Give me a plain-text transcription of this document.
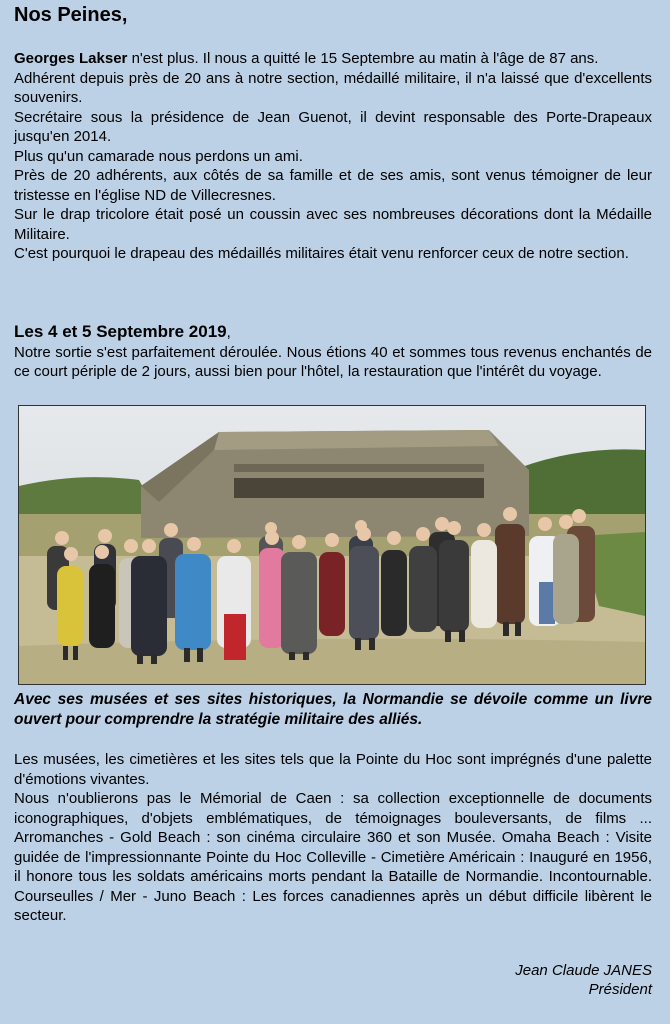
Nos Peines,

Georges Lakser n'est plus. Il nous a quitté le 15 Septembre au matin à l'âge de 87 ans.

Adhérent depuis près de 20 ans à notre section, médaillé militaire, il n'a laissé que d'excellents souvenirs.

Secrétaire sous la présidence de Jean Guenot, il devint responsable des Porte-Drapeaux jusqu'en 2014.

Plus qu'un camarade nous perdons un ami.

Près de 20 adhérents, aux côtés de sa famille et de ses amis, sont venus témoigner de leur tristesse en l'église ND de Villecresnes.

Sur le drap tricolore était posé un coussin avec ses nombreuses décorations dont la Médaille Militaire.

C'est pourquoi le drapeau des médaillés militaires était venu renforcer ceux de notre section.

Les 4 et 5 Septembre 2019,

Notre sortie s'est parfaitement déroulée. Nous étions 40 et sommes tous revenus enchantés de ce court périple de 2 jours, aussi bien pour l'hôtel, la restauration que l'intérêt du voyage.

Avec ses musées et ses sites historiques, la Normandie se dévoile comme un livre ouvert pour comprendre la stratégie militaire des alliés.

Les musées, les cimetières et les sites tels que la Pointe du Hoc sont imprégnés d'une palette d'émotions vivantes.

Nous n'oublierons pas le Mémorial de Caen : sa collection exceptionnelle de documents iconographiques, d'objets emblématiques, de témoignages bouleversants, de films ... Arromanches - Gold Beach : son cinéma circulaire 360 et son Musée. Omaha Beach : Visite guidée de l'impressionnante Pointe du Hoc Colleville - Cimetière Américain : Inauguré en 1956, il honore tous les soldats américains morts pendant la Bataille de Normandie. Incontournable. Courseulles / Mer - Juno Beach : Les forces canadiennes après un début difficile libèrent le secteur.

Jean Claude JANES
Président
